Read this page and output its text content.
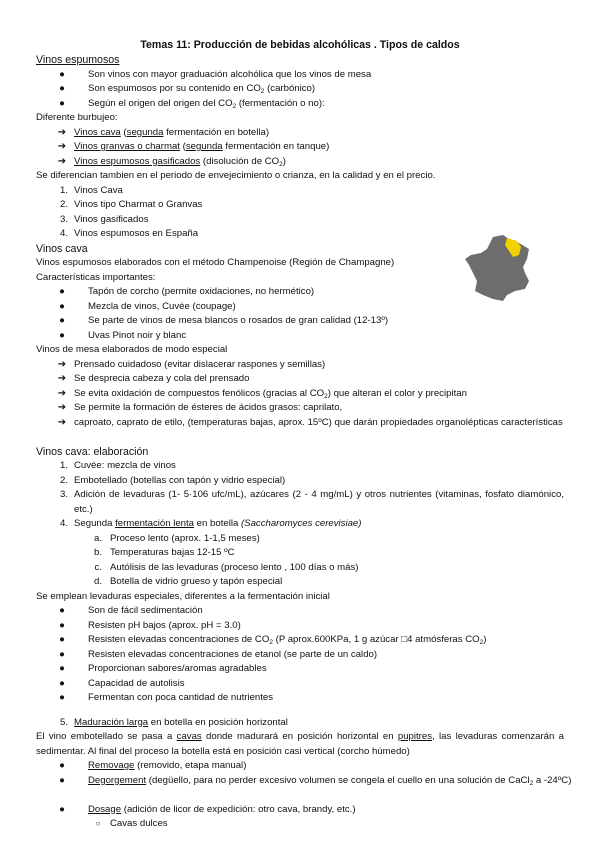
Temas 11: Producción de bebidas alcohólicas . Tipos de caldos
Vinos espumosos
●	Son vinos con mayor graduación alcohólica que los vinos de mesa
●	Son espumosos por su contenido en $CO_2$ (carbónico)
●	Según el origen del origen del $CO_2$ (fermentación o no):
Diferente burbujeo:
➔ Vinos cava (segunda fermentación en botella)
➔ Vinos granvas o charmat (segunda fermentación en tanque)
➔ Vinos espumosos gasificados (disolución de $CO_2$)
Se diferencian tambien en el periodo de envejecimiento o crianza, en la calidad y en el precio.
1. Vinos Cava
2. Vinos tipo Charmat o Granvas
3. Vinos gasificados
4. Vinos espumosos en España
Vinos cava
Vinos espumosos elaborados con el método Champenoise (Región de Champagne)
Características importantes:
●	Tapón de corcho (permite oxidaciones, no hermético)
●	Mezcla de vinos, Cuvée (coupage)
●	Se parte de vinos de mesa blancos o rosados de gran calidad (12-13º)
●	Uvas Pinot noir y blanc
Vinos de mesa elaborados de modo especial
➔ Prensado cuidadoso (evitar dislacerar raspones y semillas)
➔ Se desprecia cabeza y cola del prensado
➔ Se evita oxidación de compuestos fenólicos (gracias al $CO_2$) que alteran el color y precipitan
➔ Se permite la formación de ésteres de ácidos grasos: caprilato,
➔ caproato, caprato de etilo, (temperaturas bajas, aprox. 15ºC) que darán propiedades organolépticas características
Vinos cava: elaboración
1. Cuvée: mezcla de vinos
2. Embotellado (botellas con tapón y vidrio especial)
3. Adición de levaduras (1- 5·106 ufc/mL), azúcares (2 - 4 mg/mL) y otros nutrientes (vitaminas, fosfato diamónico, etc.)
4. Segunda fermentación lenta en botella (Saccharomyces cerevisiae)
a. Proceso lento (aprox. 1-1,5 meses)
b. Temperaturas bajas 12-15 ºC
c. Autólisis de las levaduras (proceso lento , 100 días o más)
d. Botella de vidrio grueso y tapón especial
Se emplean levaduras especiales, diferentes a la fermentación inicial
●	Son de fácil sedimentación
●	Resisten pH bajos (aprox. pH = 3.0)
●	Resisten elevadas concentraciones de $CO_2$ (P aprox.600KPa, 1 g azúcar □4 atmósferas $CO_2$)
●	Resisten elevadas concentraciones de etanol (se parte de un caldo)
●	Proporcionan sabores/aromas agradables
●	Capacidad de autolisis
●	Fermentan con poca cantidad de nutrientes
5. Maduración larga en botella en posición horizontal
El vino embotellado se pasa a cavas donde madurará en posición horizontal en pupitres, las levaduras comenzarán a sedimentar. Al final del proceso la botella está en posición casi vertical (corcho húmedo)
●	Removage (removido, etapa manual)
●	Degorgement (degüello, para no perder excesivo volumen se congela el cuello en una solución de CaCl$_2$ a -24ºC)
●	Dosage (adición de licor de expedición: otro cava, brandy, etc.)
○ Cavas dulces
